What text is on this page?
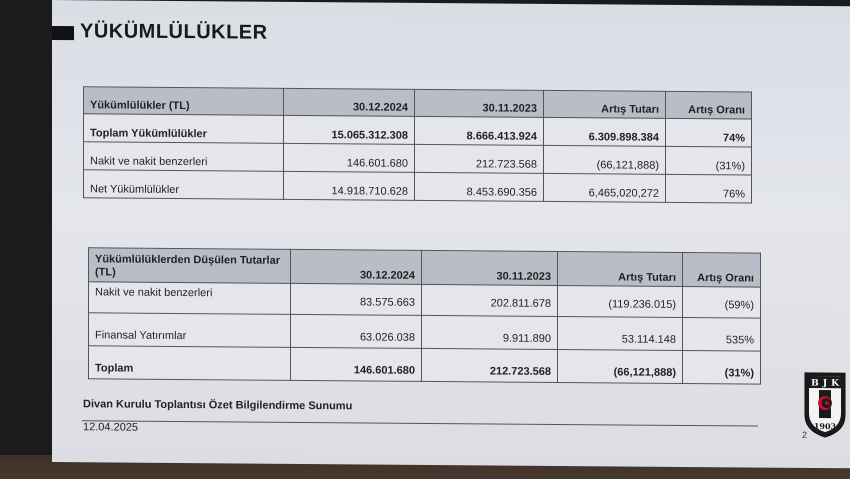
YÜKÜMLÜLÜKLER
Yükümlülükler (TL)	30.12.2024	30.11.2023	Artış Tutarı	Artış Oranı
Toplam Yükümlülükler	15.065.312.308	8.666.413.924	6.309.898.384	74%
Nakit ve nakit benzerleri	146.601.680	212.723.568	(66,121,888)	(31%)
Net Yükümlülükler	14.918.710.628	8.453.690.356	6,465,020,272	76%
Yükümlülüklerden Düşülen Tutarlar (TL)	30.12.2024	30.11.2023	Artış Tutarı	Artış Oranı
Nakit ve nakit benzerleri	83.575.663	202.811.678	(119.236.015)	(59%)
Finansal Yatırımlar	63.026.038	9.911.890	53.114.148	535%
Toplam	146.601.680	212.723.568	(66,121,888)	(31%)
Divan Kurulu Toplantısı Özet Bilgilendirme Sunumu
12.04.2025
B J K
1903
2
